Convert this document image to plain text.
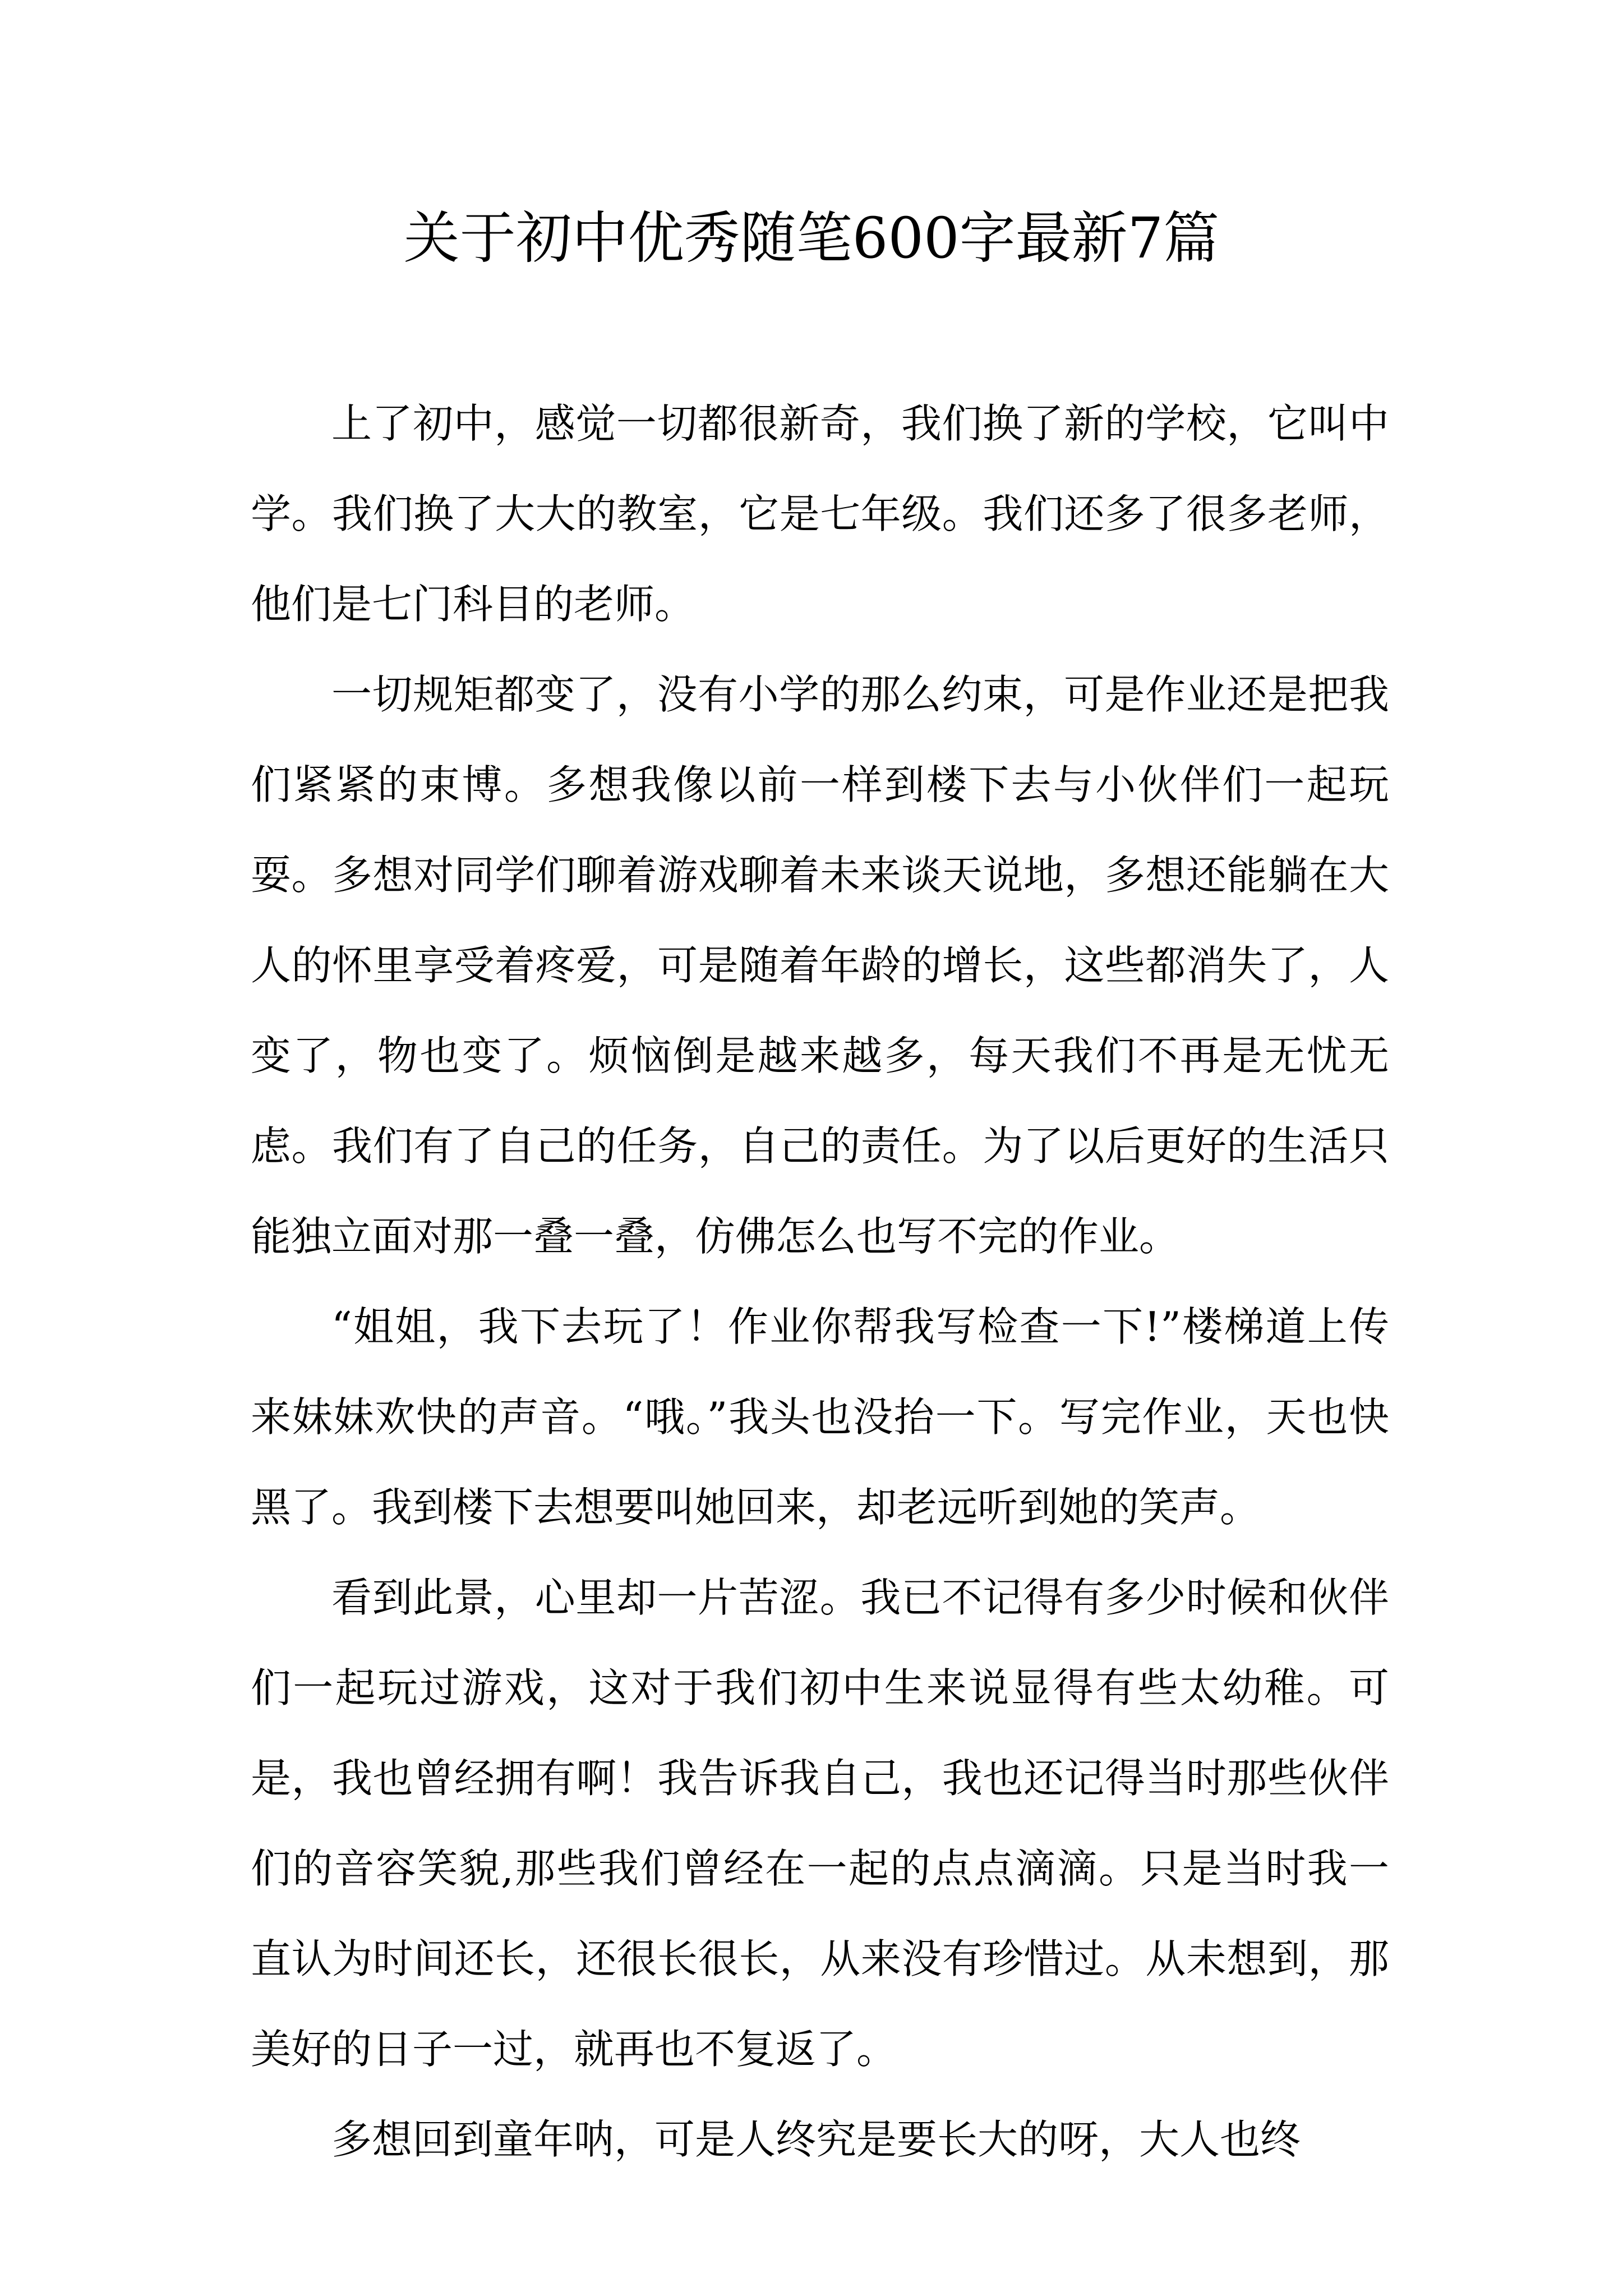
关于初中优秀随笔600字最新7篇

上了初中，感觉一切都很新奇，我们换了新的学校，它叫中学。我们换了大大的教室，它是七年级。我们还多了很多老师，他们是七门科目的老师。

一切规矩都变了，没有小学的那么约束，可是作业还是把我们紧紧的束博。多想我像以前一样到楼下去与小伙伴们一起玩耍。多想对同学们聊着游戏聊着未来谈天说地，多想还能躺在大人的怀里享受着疼爱，可是随着年龄的增长，这些都消失了，人变了，物也变了。烦恼倒是越来越多，每天我们不再是无忧无虑。我们有了自己的任务，自己的责任。为了以后更好的生活只能独立面对那一叠一叠，仿佛怎么也写不完的作业。

“姐姐，我下去玩了！作业你帮我写检查一下!”楼梯道上传来妹妹欢快的声音。“哦。”我头也没抬一下。写完作业，天也快黑了。我到楼下去想要叫她回来，却老远听到她的笑声。

看到此景，心里却一片苦涩。我已不记得有多少时候和伙伴们一起玩过游戏，这对于我们初中生来说显得有些太幼稚。可是，我也曾经拥有啊！我告诉我自己，我也还记得当时那些伙伴们的音容笑貌,那些我们曾经在一起的点点滴滴。只是当时我一直认为时间还长，还很长很长，从来没有珍惜过。从未想到，那美好的日子一过，就再也不复返了。

多想回到童年呐，可是人终究是要长大的呀，大人也终
